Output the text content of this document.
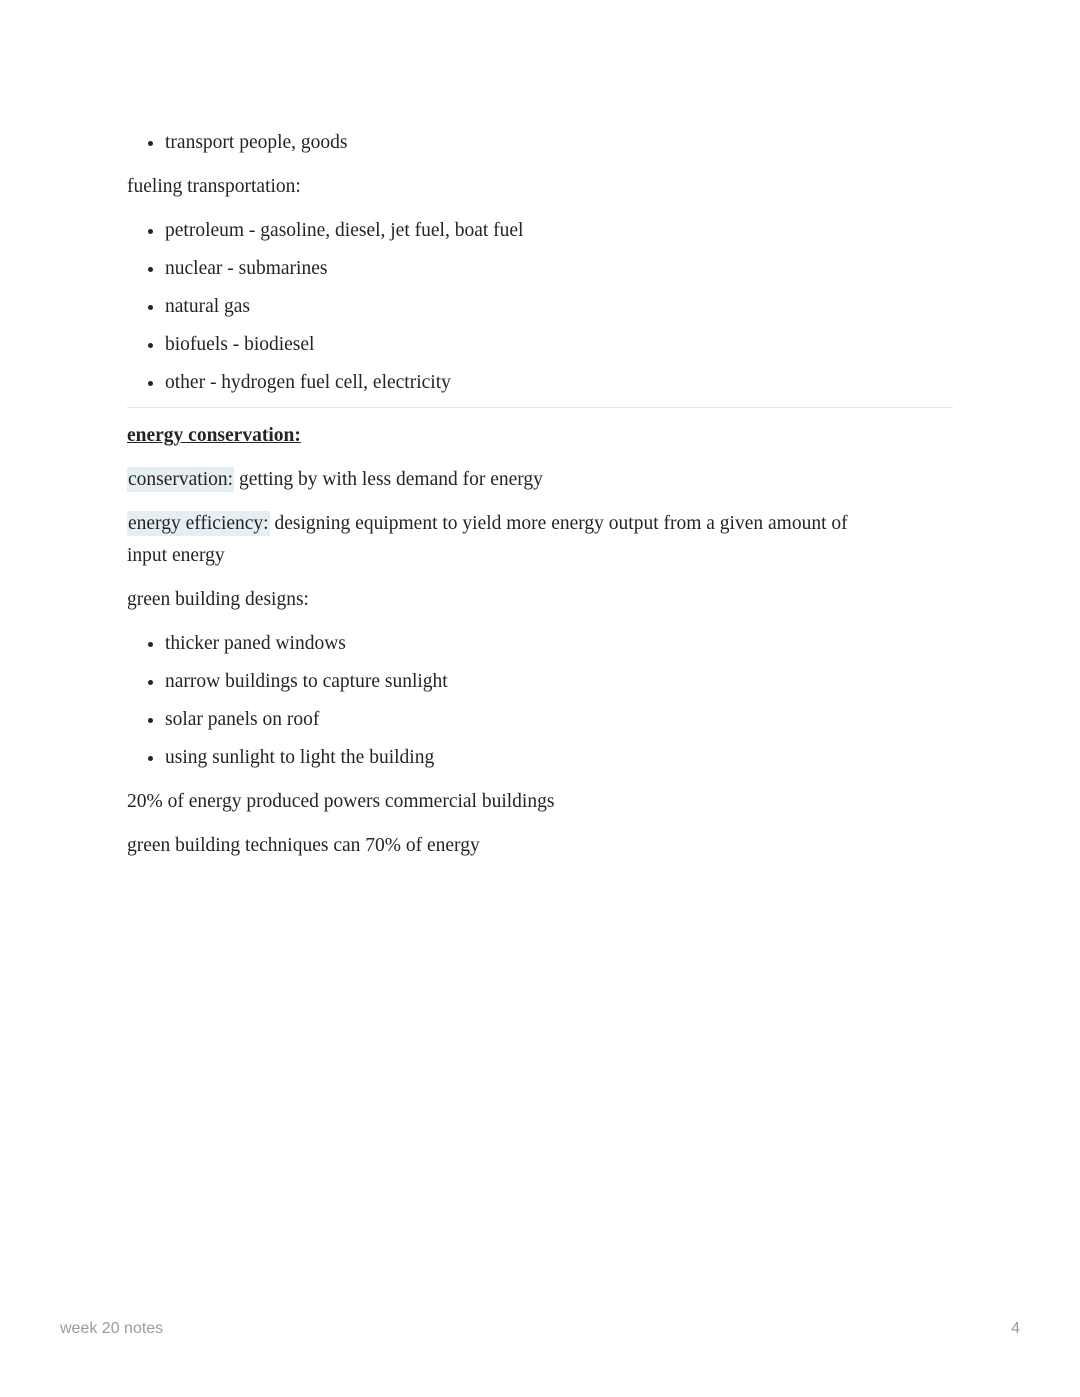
• transport people, goods

fueling transportation:

• petroleum - gasoline, diesel, jet fuel, boat fuel
• nuclear - submarines
• natural gas
• biofuels - biodiesel
• other - hydrogen fuel cell, electricity

energy conservation:

conservation: getting by with less demand for energy

energy efficiency: designing equipment to yield more energy output from a given amount of
input energy

green building designs:

• thicker paned windows
• narrow buildings to capture sunlight
• solar panels on roof
• using sunlight to light the building

20% of energy produced powers commercial buildings

green building techniques can 70% of energy

week 20 notes	4
